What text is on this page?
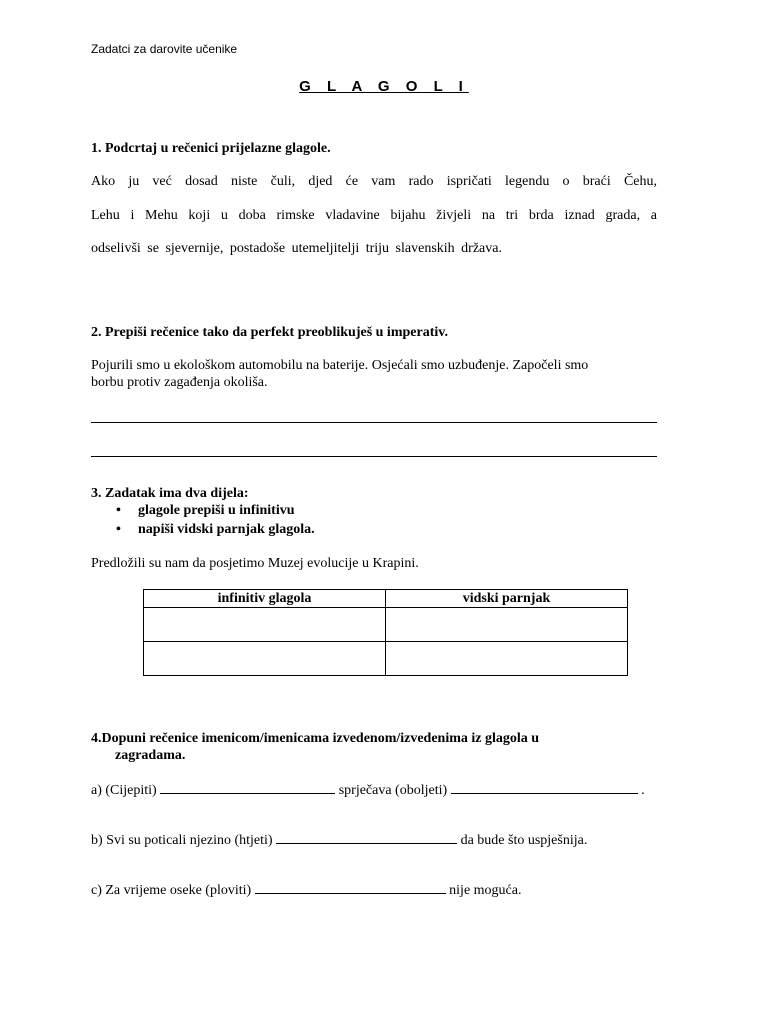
Zadatci za darovite učenike
G L A G O L I
1. Podcrtaj u rečenici prijelazne glagole.
Ako ju već dosad niste čuli, djed će vam rado ispričati legendu o braći Čehu,
Lehu i Mehu koji u doba rimske vladavine bijahu živjeli na tri brda iznad grada, a
odselivši se sjevernije, postadoše utemeljitelji triju slavenskih država.
2. Prepiši rečenice tako da perfekt preoblikuješ u imperativ.
Pojurili smo u ekološkom automobilu na baterije. Osjećali smo uzbuđenje. Započeli smo
borbu protiv zagađenja okoliša.
3. Zadatak ima dva dijela:
• glagole prepiši u infinitivu
• napiši vidski parnjak glagola.
Predložili su nam da posjetimo Muzej evolucije u Krapini.
infinitiv glagola	vidski parnjak

4.Dopuni rečenice imenicom/imenicama izvedenom/izvedenima iz glagola u
zagradama.
a) (Cijepiti)	sprječava (oboljeti)	.
b) Svi su poticali njezino (htjeti)	da bude što uspješnija.
c) Za vrijeme oseke (ploviti)	nije moguća.
